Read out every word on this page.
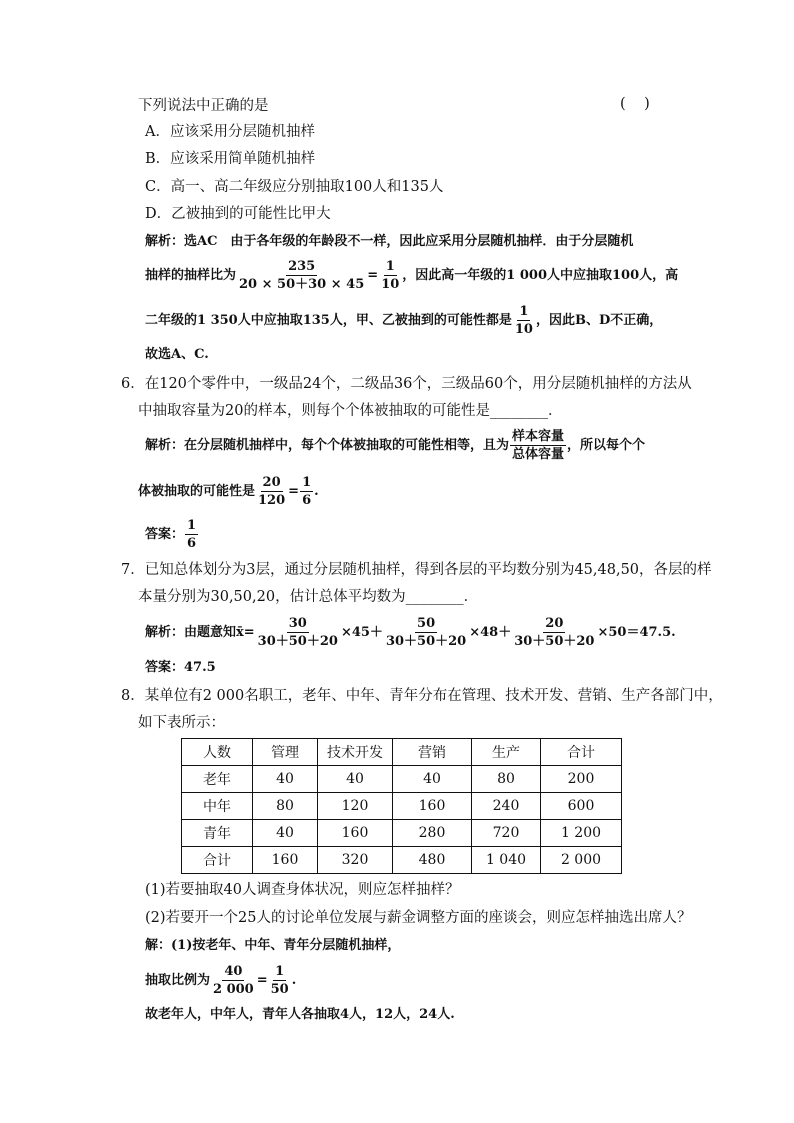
下列说法中正确的是	(    )
A．应该采用分层随机抽样
B．应该采用简单随机抽样
C．高一、高二年级应分别抽取100人和135人
D．乙被抽到的可能性比甲大
解析：选AC　由于各年级的年龄段不一样，因此应采用分层随机抽样．由于分层随机
抽样的抽样比为 $\frac{235}{20 \times 50+30 \times 45} = \frac{1}{10}$ ，因此高一年级的1 000人中应抽取100人，高
二年级的1 350人中应抽取135人，甲、乙被抽到的可能性都是 $\frac{1}{10}$ ，因此B、D不正确，
故选A、C.
6．在120个零件中，一级品24个，二级品36个，三级品60个，用分层随机抽样的方法从
中抽取容量为20的样本，则每个个体被抽取的可能性是________．
解析：在分层随机抽样中，每个个体被抽取的可能性相等，且为 $\frac{\text{样本容量}}{\text{总体容量}}$ ，所以每个个
体被抽取的可能性是 $\frac{20}{120} = \frac{1}{6}$ .
答案： $\frac{1}{6}$
7．已知总体划分为3层，通过分层随机抽样，得到各层的平均数分别为45,48,50，各层的样
本量分别为30,50,20，估计总体平均数为________．
解析：由题意知x̄= $\frac{30}{30+50+20} \times 45+ \frac{50}{30+50+20} \times 48+ \frac{20}{30+50+20} \times 50=47.5$.
答案：47.5
8．某单位有2 000名职工，老年、中年、青年分布在管理、技术开发、营销、生产各部门中，
如下表所示：
人数	管理	技术开发	营销	生产	合计
老年	40	40	40	80	200
中年	80	120	160	240	600
青年	40	160	280	720	1 200
合计	160	320	480	1 040	2 000
(1)若要抽取40人调查身体状况，则应怎样抽样？
(2)若要开一个25人的讨论单位发展与薪金调整方面的座谈会，则应怎样抽选出席人？
解：(1)按老年、中年、青年分层随机抽样，
抽取比例为 $\frac{40}{2 000} = \frac{1}{50}$ .
故老年人，中年人，青年人各抽取4人，12人，24人.
